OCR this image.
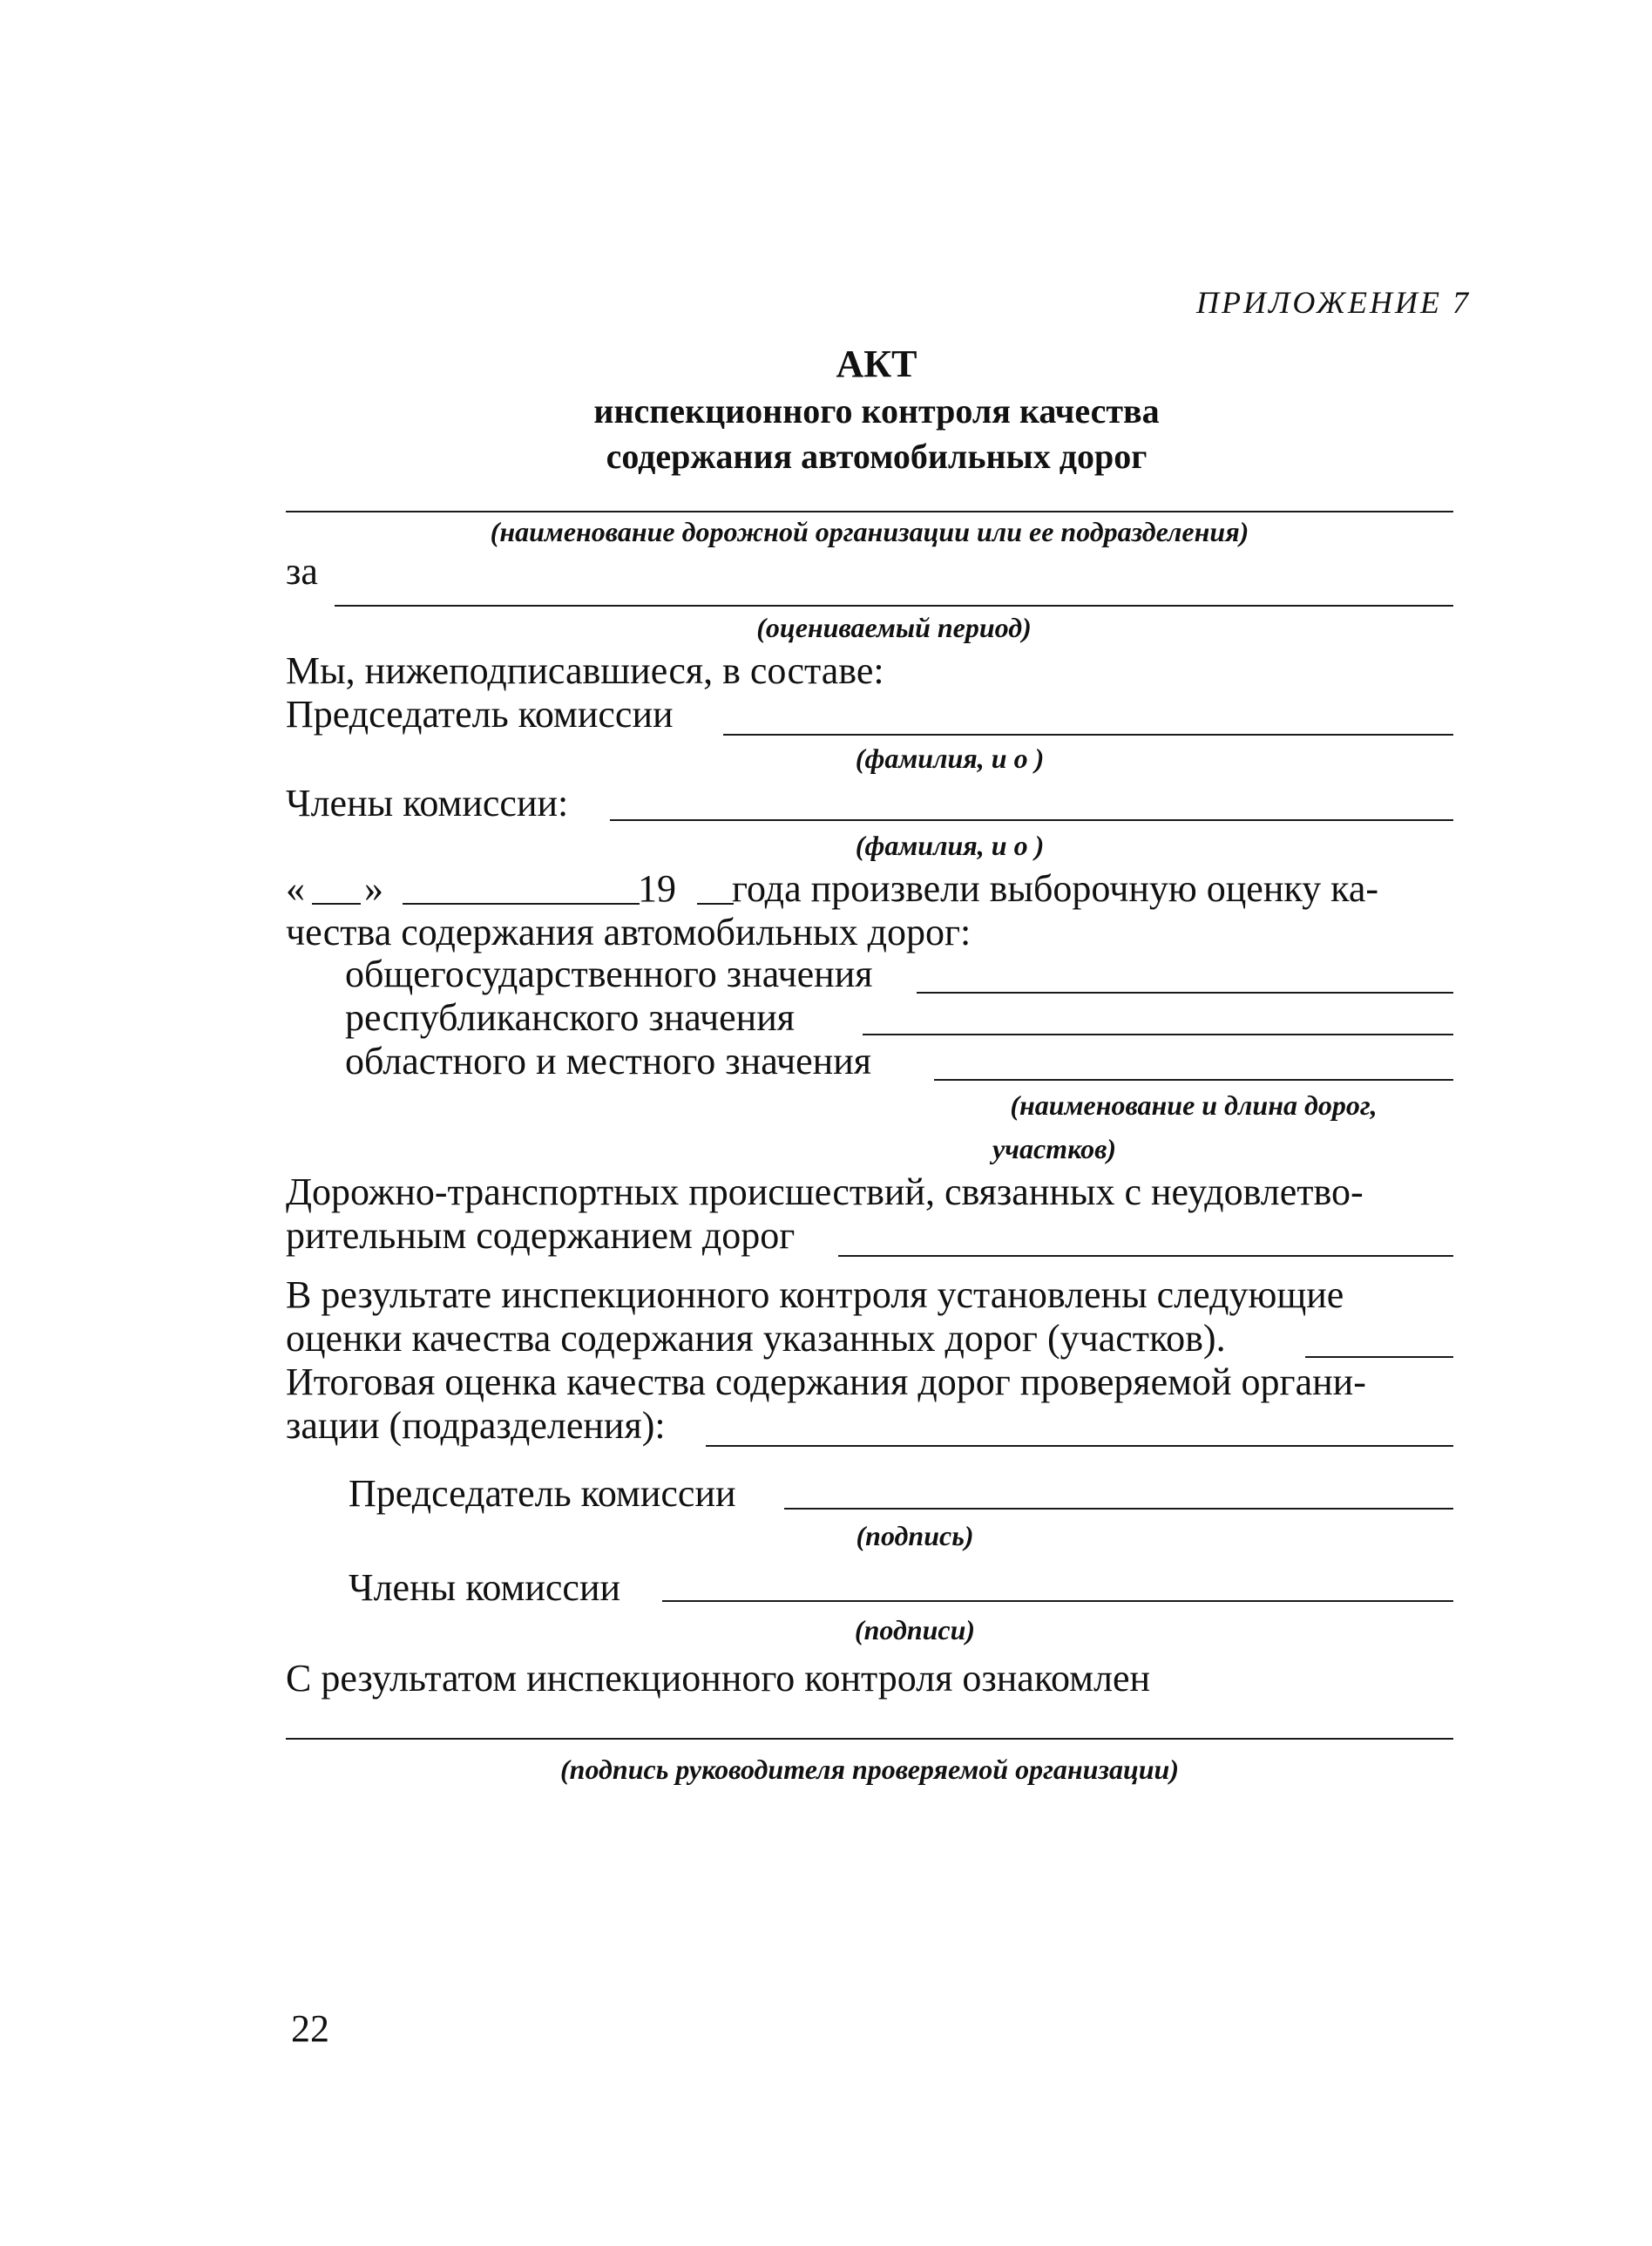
ПРИЛОЖЕНИЕ 7
АКТ
инспекционного контроля качества
содержания автомобильных дорог
(наименование дорожной организации или ее подразделения)
за
(оцениваемый период)
Мы, нижеподписавшиеся, в составе:
Председатель комиссии
(фамилия, и о )
Члены комиссии:
(фамилия, и о )
« »	19 года произвели выборочную оценку ка-
чества содержания автомобильных дорог:
общегосударственного значения
республиканского значения
областного и местного значения
(наименование и длина дорог,
участков)
Дорожно-транспортных происшествий, связанных с неудовлетво-
рительным содержанием дорог
В результате инспекционного контроля установлены следующие
оценки качества содержания указанных дорог (участков).
Итоговая оценка качества содержания дорог проверяемой органи-
зации (подразделения):
Председатель комиссии
(подпись)
Члены комиссии
(подписи)
С результатом инспекционного контроля ознакомлен
(подпись руководителя проверяемой организации)
22
